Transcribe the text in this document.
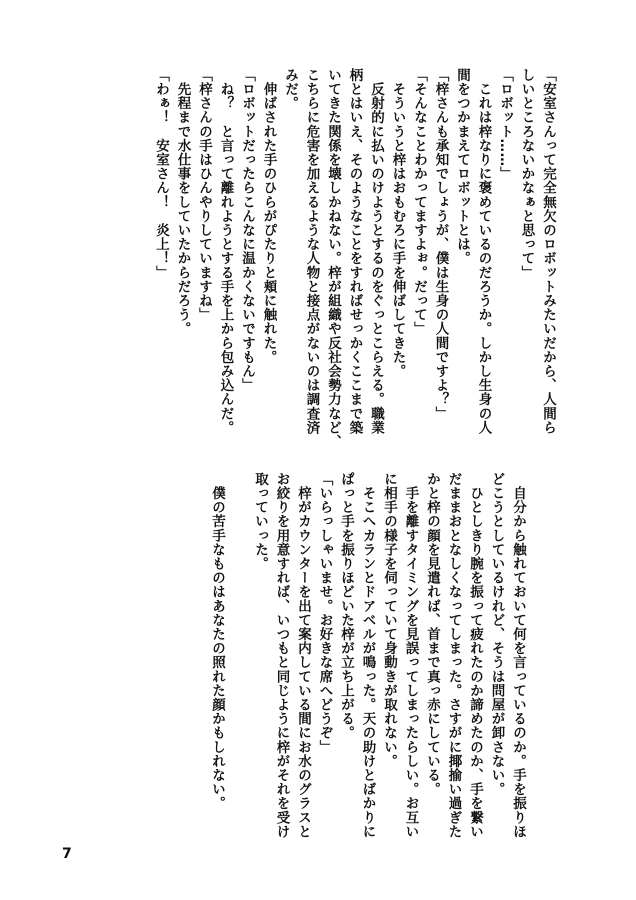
「安室さんって完全無欠のロボットみたいだから、人間ら
しいところないかなぁと思って」
「ロボット……」
　これは梓なりに褒めているのだろうか。しかし生身の人
間をつかまえてロボットとは。
「梓さんも承知でしょうが、僕は生身の人間ですよ？」
「そんなことわかってますよぉ。だって」
　そういうと梓はおもむろに手を伸ばしてきた。
　反射的に払いのけようとするのをぐっとこらえる。職業
柄とはいえ、そのようなことをすればせっかくここまで築
いてきた関係を壊しかねない。梓が組織や反社会勢力など、
こちらに危害を加えるような人物と接点がないのは調査済
みだ。
　伸ばされた手のひらがぴたりと頬に触れた。
「ロボットだったらこんなに温かくないですもん」
　ね？　と言って離れようとする手を上から包み込んだ。
「梓さんの手はひんやりしていますね」
　先程まで水仕事をしていたからだろう。
「わぁ！　安室さん！　炎上！」
　自分から触れておいて何を言っているのか。手を振りほ
どこうとしているけれど、そうは問屋が卸さない。
　ひとしきり腕を振って疲れたのか諦めたのか、手を繋い
だままおとなしくなってしまった。さすがに揶揄い過ぎた
かと梓の顔を見遣れば、首まで真っ赤にしている。
　手を離すタイミングを見誤ってしまったらしい。お互い
に相手の様子を伺っていて身動きが取れない。
　そこへカランとドアベルが鳴った。天の助けとばかりに
ぱっと手を振りほどいた梓が立ち上がる。
「いらっしゃいませ。お好きな席へどうぞ」
　梓がカウンターを出て案内している間にお水のグラスと
お絞りを用意すれば、いつもと同じように梓がそれを受け
取っていった。

　僕の苦手なものはあなたの照れた顔かもしれない。
7
